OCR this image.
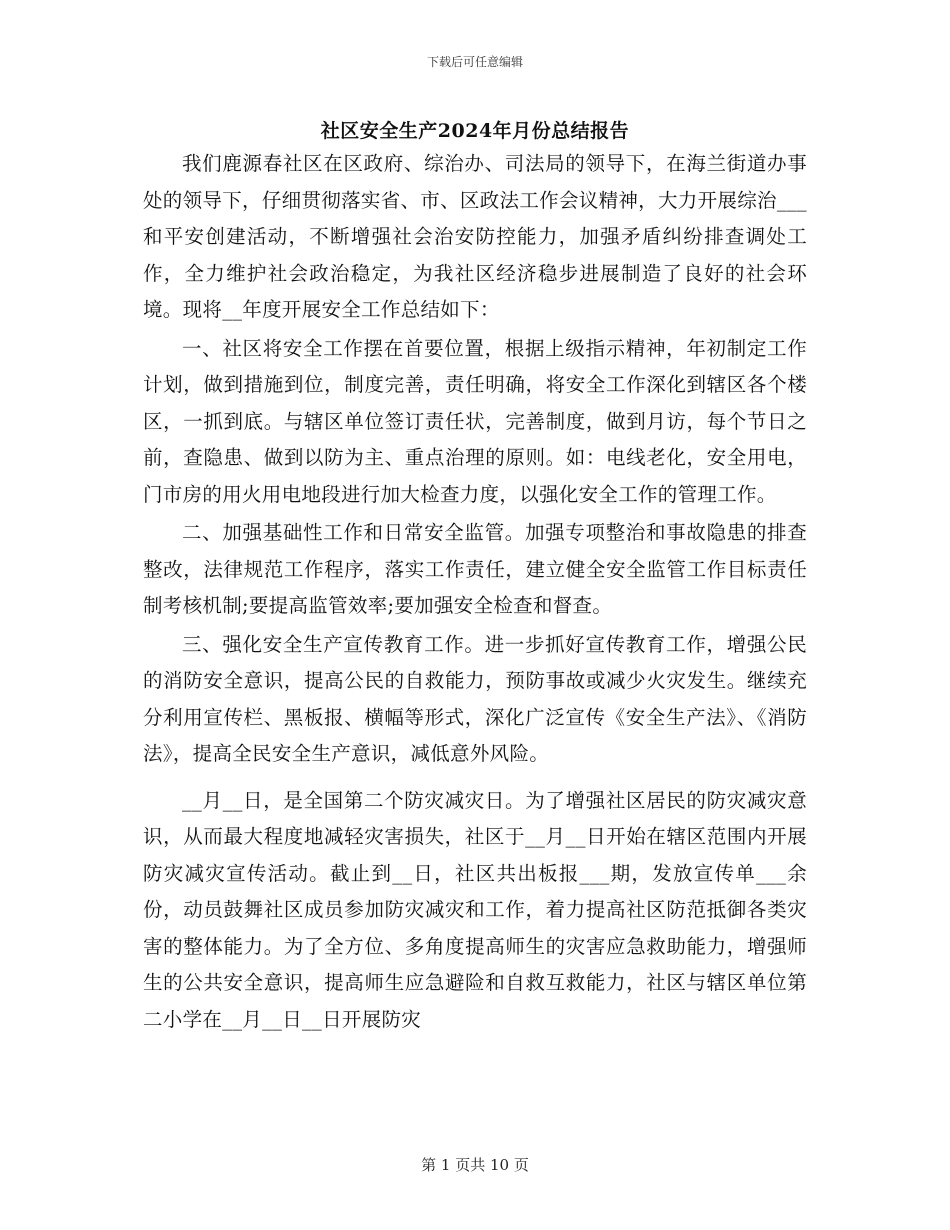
下载后可任意编辑
社区安全生产2024年月份总结报告

我们鹿源春社区在区政府、综治办、司法局的领导下，在海兰街道办事处的领导下，仔细贯彻落实省、市、区政法工作会议精神，大力开展综治___和平安创建活动，不断增强社会治安防控能力，加强矛盾纠纷排查调处工作，全力维护社会政治稳定，为我社区经济稳步进展制造了良好的社会环境。现将__年度开展安全工作总结如下：

一、社区将安全工作摆在首要位置，根据上级指示精神，年初制定工作计划，做到措施到位，制度完善，责任明确，将安全工作深化到辖区各个楼区，一抓到底。与辖区单位签订责任状，完善制度，做到月访，每个节日之前，查隐患、做到以防为主、重点治理的原则。如：电线老化，安全用电，门市房的用火用电地段进行加大检查力度，以强化安全工作的管理工作。

二、加强基础性工作和日常安全监管。加强专项整治和事故隐患的排查整改，法律规范工作程序，落实工作责任，建立健全安全监管工作目标责任制考核机制;要提高监管效率;要加强安全检查和督查。

三、强化安全生产宣传教育工作。进一步抓好宣传教育工作，增强公民的消防安全意识，提高公民的自救能力，预防事故或减少火灾发生。继续充分利用宣传栏、黑板报、横幅等形式，深化广泛宣传《安全生产法》、《消防法》，提高全民安全生产意识，减低意外风险。

__月__日，是全国第二个防灾减灾日。为了增强社区居民的防灾减灾意识，从而最大程度地减轻灾害损失，社区于__月__日开始在辖区范围内开展防灾减灾宣传活动。截止到__日，社区共出板报___期，发放宣传单___余份，动员鼓舞社区成员参加防灾减灾和工作，着力提高社区防范抵御各类灾害的整体能力。为了全方位、多角度提高师生的灾害应急救助能力，增强师生的公共安全意识，提高师生应急避险和自救互救能力，社区与辖区单位第二小学在__月__日__日开展防灾

第 1 页共 10 页
